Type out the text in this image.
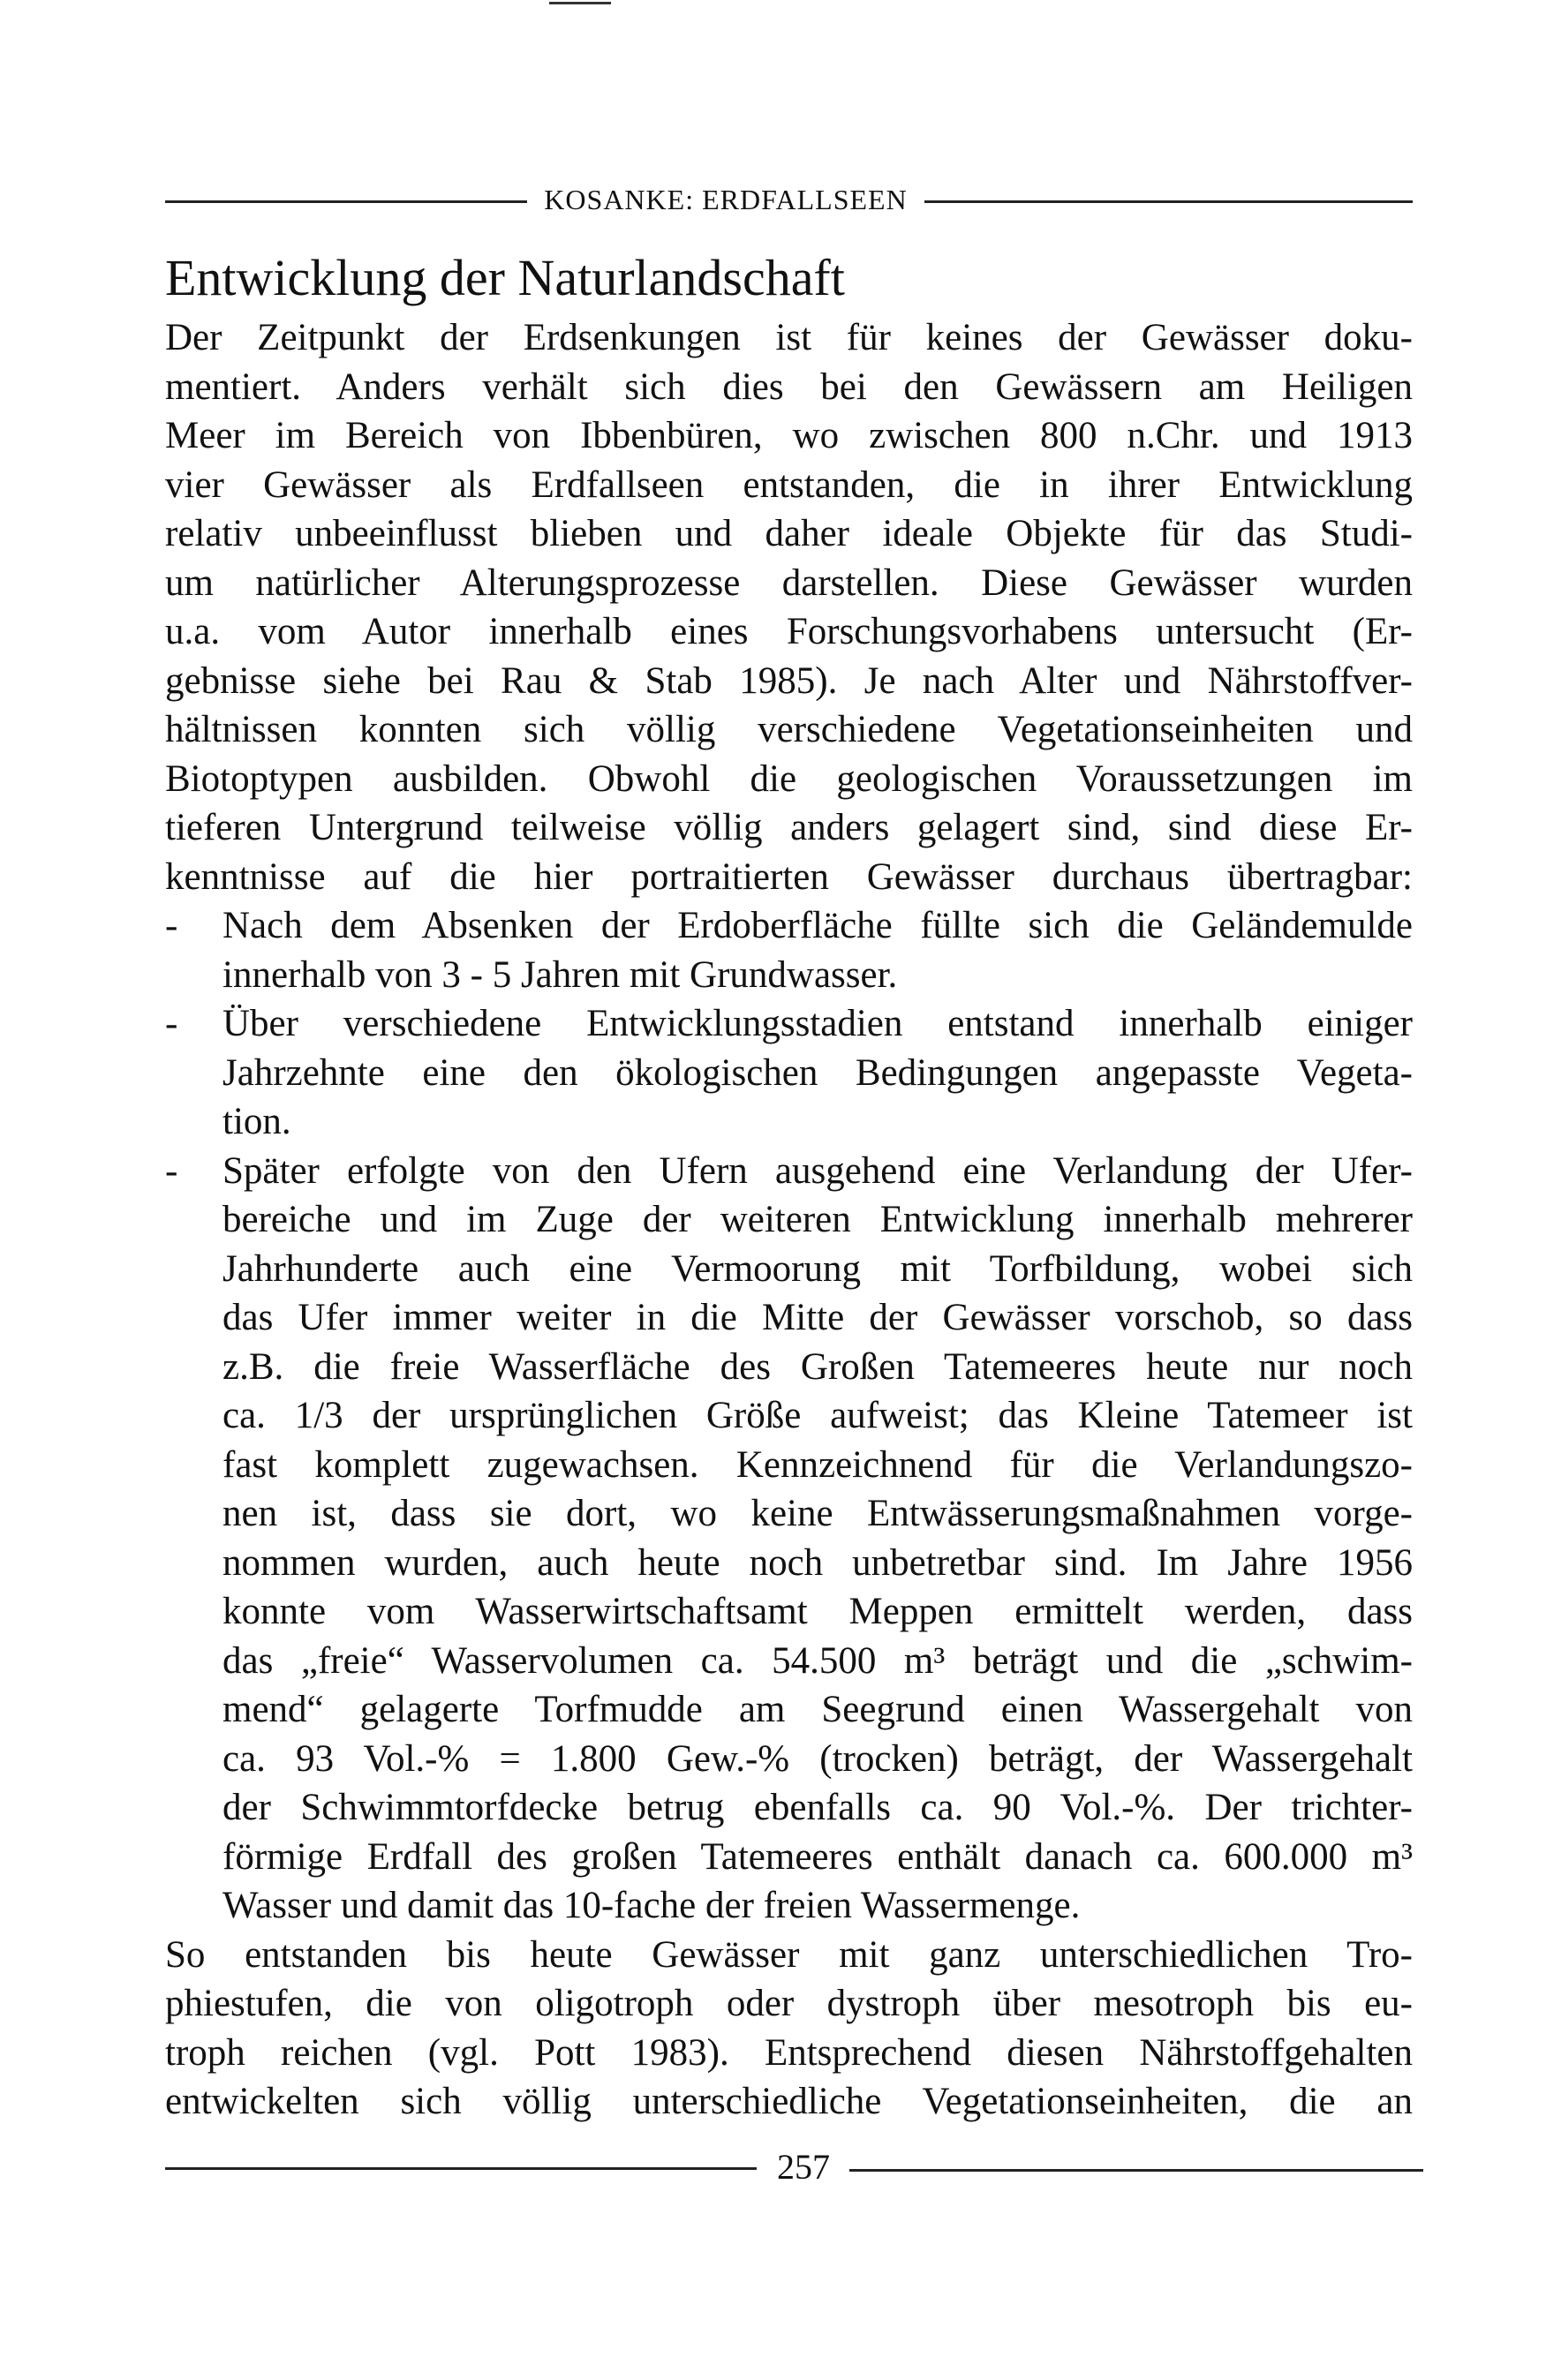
KOSANKE: ERDFALLSEEN
Entwicklung der Naturlandschaft
Der Zeitpunkt der Erdsenkungen ist für keines der Gewässer doku-
mentiert. Anders verhält sich dies bei den Gewässern am Heiligen
Meer im Bereich von Ibbenbüren, wo zwischen 800 n.Chr. und 1913
vier Gewässer als Erdfallseen entstanden, die in ihrer Entwicklung
relativ unbeeinflusst blieben und daher ideale Objekte für das Studi-
um natürlicher Alterungsprozesse darstellen. Diese Gewässer wurden
u.a. vom Autor innerhalb eines Forschungsvorhabens untersucht (Er-
gebnisse siehe bei Rau & Stab 1985). Je nach Alter und Nährstoffver-
hältnissen konnten sich völlig verschiedene Vegetationseinheiten und
Biotoptypen ausbilden. Obwohl die geologischen Voraussetzungen im
tieferen Untergrund teilweise völlig anders gelagert sind, sind diese Er-
kenntnisse auf die hier portraitierten Gewässer durchaus übertragbar:
- Nach dem Absenken der Erdoberfläche füllte sich die Geländemulde
innerhalb von 3 - 5 Jahren mit Grundwasser.
- Über verschiedene Entwicklungsstadien entstand innerhalb einiger
Jahrzehnte eine den ökologischen Bedingungen angepasste Vegeta-
tion.
- Später erfolgte von den Ufern ausgehend eine Verlandung der Ufer-
bereiche und im Zuge der weiteren Entwicklung innerhalb mehrerer
Jahrhunderte auch eine Vermoorung mit Torfbildung, wobei sich
das Ufer immer weiter in die Mitte der Gewässer vorschob, so dass
z.B. die freie Wasserfläche des Großen Tatemeeres heute nur noch
ca. 1/3 der ursprünglichen Größe aufweist; das Kleine Tatemeer ist
fast komplett zugewachsen. Kennzeichnend für die Verlandungszo-
nen ist, dass sie dort, wo keine Entwässerungsmaßnahmen vorge-
nommen wurden, auch heute noch unbetretbar sind. Im Jahre 1956
konnte vom Wasserwirtschaftsamt Meppen ermittelt werden, dass
das „freie“ Wasservolumen ca. 54.500 m³ beträgt und die „schwim-
mend“ gelagerte Torfmudde am Seegrund einen Wassergehalt von
ca. 93 Vol.-% = 1.800 Gew.-% (trocken) beträgt, der Wassergehalt
der Schwimmtorfdecke betrug ebenfalls ca. 90 Vol.-%. Der trichter-
förmige Erdfall des großen Tatemeeres enthält danach ca. 600.000 m³
Wasser und damit das 10-fache der freien Wassermenge.
So entstanden bis heute Gewässer mit ganz unterschiedlichen Tro-
phiestufen, die von oligotroph oder dystroph über mesotroph bis eu-
troph reichen (vgl. Pott 1983). Entsprechend diesen Nährstoffgehalten
entwickelten sich völlig unterschiedliche Vegetationseinheiten, die an
257
